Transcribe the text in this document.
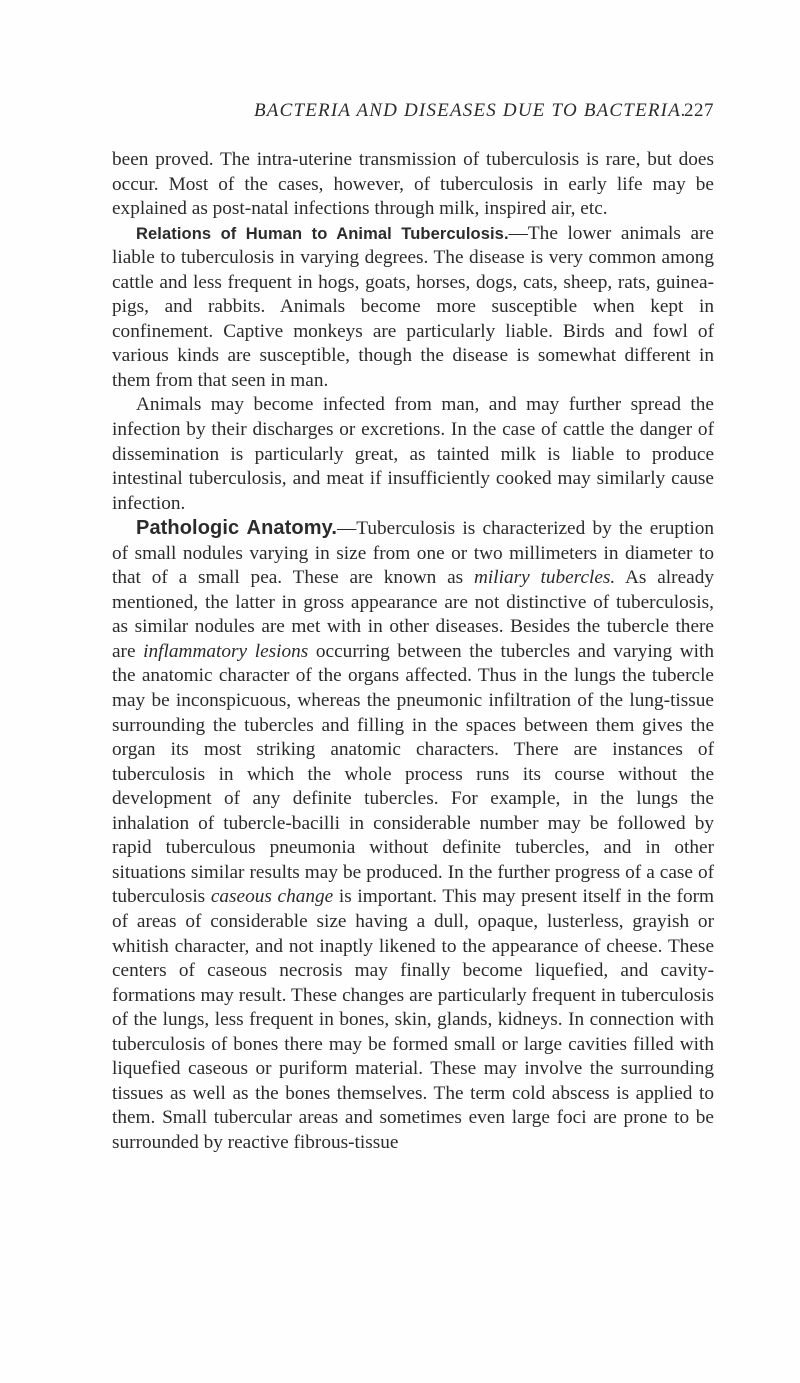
BACTERIA AND DISEASES DUE TO BACTERIA.
227

been proved. The intra-uterine transmission of tuberculosis is rare, but does occur. Most of the cases, however, of tuberculosis in early life may be explained as post-natal infections through milk, inspired air, etc.

Relations of Human to Animal Tuberculosis.—The lower animals are liable to tuberculosis in varying degrees. The disease is very common among cattle and less frequent in hogs, goats, horses, dogs, cats, sheep, rats, guinea-pigs, and rabbits. Animals become more susceptible when kept in confinement. Captive monkeys are particularly liable. Birds and fowl of various kinds are susceptible, though the disease is somewhat different in them from that seen in man.

Animals may become infected from man, and may further spread the infection by their discharges or excretions. In the case of cattle the danger of dissemination is particularly great, as tainted milk is liable to produce intestinal tuberculosis, and meat if insufficiently cooked may similarly cause infection.

Pathologic Anatomy.—Tuberculosis is characterized by the eruption of small nodules varying in size from one or two millimeters in diameter to that of a small pea. These are known as miliary tubercles. As already mentioned, the latter in gross appearance are not distinctive of tuberculosis, as similar nodules are met with in other diseases. Besides the tubercle there are inflammatory lesions occurring between the tubercles and varying with the anatomic character of the organs affected. Thus in the lungs the tubercle may be inconspicuous, whereas the pneumonic infiltration of the lung-tissue surrounding the tubercles and filling in the spaces between them gives the organ its most striking anatomic characters. There are instances of tuberculosis in which the whole process runs its course without the development of any definite tubercles. For example, in the lungs the inhalation of tubercle-bacilli in considerable number may be followed by rapid tuberculous pneumonia without definite tubercles, and in other situations similar results may be produced. In the further progress of a case of tuberculosis caseous change is important. This may present itself in the form of areas of considerable size having a dull, opaque, lusterless, grayish or whitish character, and not inaptly likened to the appearance of cheese. These centers of caseous necrosis may finally become liquefied, and cavity-formations may result. These changes are particularly frequent in tuberculosis of the lungs, less frequent in bones, skin, glands, kidneys. In connection with tuberculosis of bones there may be formed small or large cavities filled with liquefied caseous or puriform material. These may involve the surrounding tissues as well as the bones themselves. The term cold abscess is applied to them. Small tubercular areas and sometimes even large foci are prone to be surrounded by reactive fibrous-tissue
